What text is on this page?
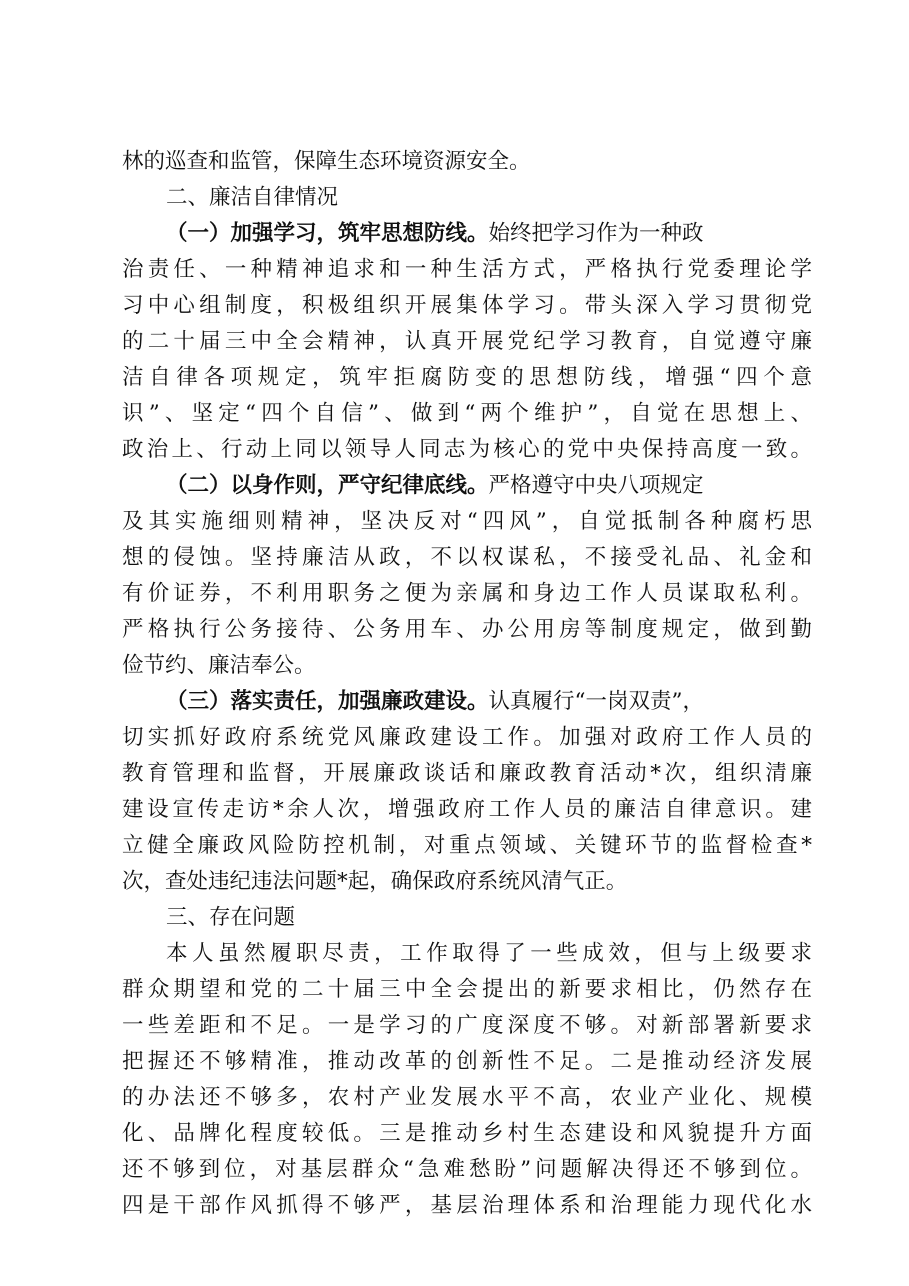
林的巡查和监管，保障生态环境资源安全。
二、廉洁自律情况
（一）加强学习，筑牢思想防线。始终把学习作为一种政
治责任、一种精神追求和一种生活方式，严格执行党委理论学
习中心组制度，积极组织开展集体学习。带头深入学习贯彻党
的二十届三中全会精神，认真开展党纪学习教育，自觉遵守廉
洁自律各项规定，筑牢拒腐防变的思想防线，增强“四个意
识”、坚定“四个自信”、做到“两个维护”，自觉在思想上、
政治上、行动上同以领导人同志为核心的党中央保持高度一致。
（二）以身作则，严守纪律底线。严格遵守中央八项规定
及其实施细则精神，坚决反对“四风”，自觉抵制各种腐朽思
想的侵蚀。坚持廉洁从政，不以权谋私，不接受礼品、礼金和
有价证券，不利用职务之便为亲属和身边工作人员谋取私利。
严格执行公务接待、公务用车、办公用房等制度规定，做到勤
俭节约、廉洁奉公。
（三）落实责任，加强廉政建设。认真履行“一岗双责”，
切实抓好政府系统党风廉政建设工作。加强对政府工作人员的
教育管理和监督，开展廉政谈话和廉政教育活动*次，组织清廉
建设宣传走访*余人次，增强政府工作人员的廉洁自律意识。建
立健全廉政风险防控机制，对重点领域、关键环节的监督检查*
次，查处违纪违法问题*起，确保政府系统风清气正。
三、存在问题
本人虽然履职尽责，工作取得了一些成效，但与上级要求
群众期望和党的二十届三中全会提出的新要求相比，仍然存在
一些差距和不足。一是学习的广度深度不够。对新部署新要求
把握还不够精准，推动改革的创新性不足。二是推动经济发展
的办法还不够多，农村产业发展水平不高，农业产业化、规模
化、品牌化程度较低。三是推动乡村生态建设和风貌提升方面
还不够到位，对基层群众“急难愁盼”问题解决得还不够到位。
四是干部作风抓得不够严，基层治理体系和治理能力现代化水
